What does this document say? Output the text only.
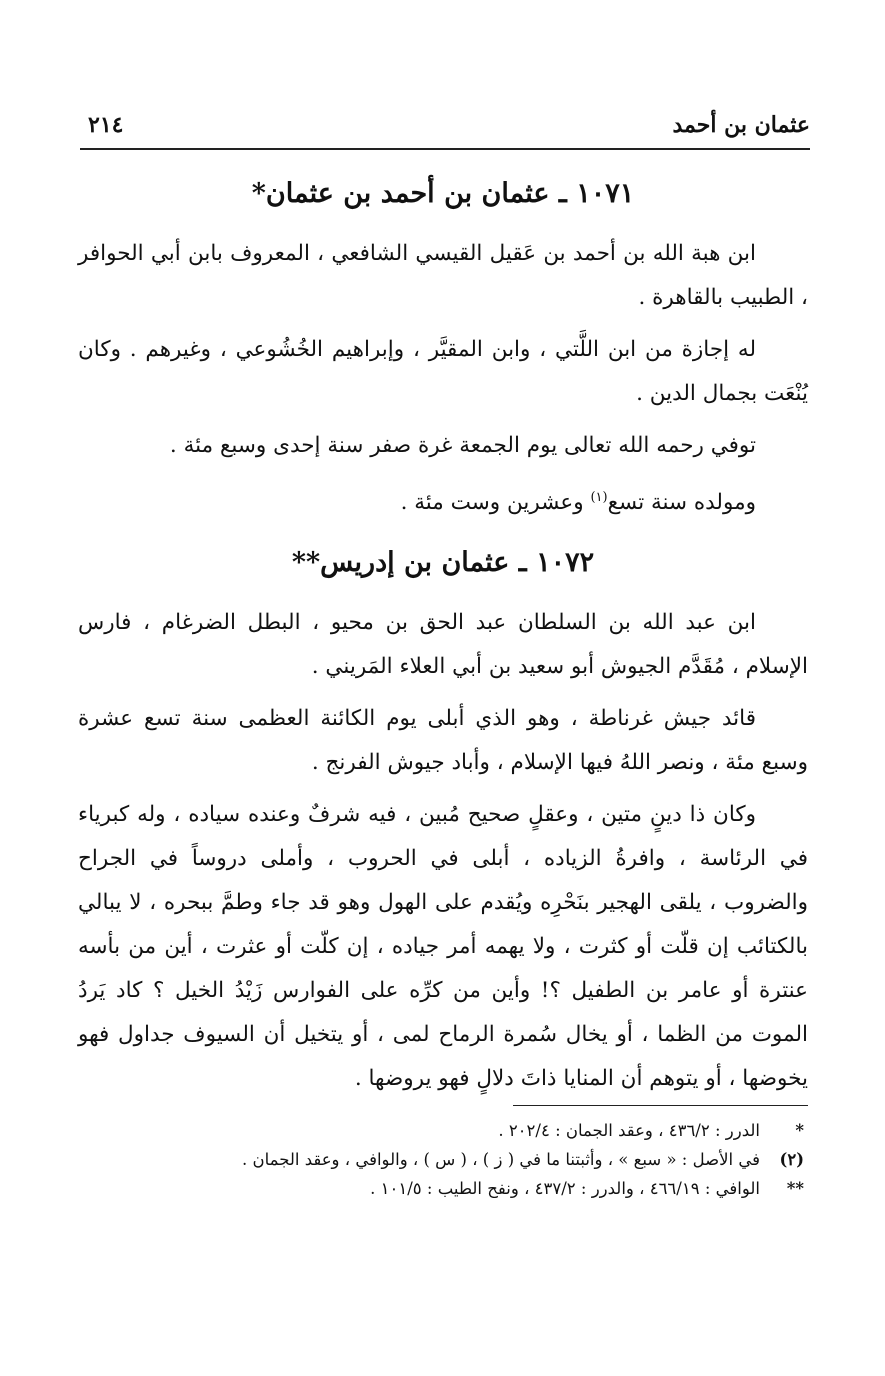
عثمان بن أحمد
٢١٤
١٠٧١ ـ عثمان بن أحمد بن عثمان*

ابن هبة الله بن أحمد بن عَقيل القيسي الشافعي ، المعروف بابن أبي الحوافر ، الطبيب بالقاهرة .

له إجازة من ابن اللَّتي ، وابن المقيَّر ، وإبراهيم الخُشُوعي ، وغيرهم . وكان يُنْعَت بجمال الدين .

توفي رحمه الله تعالى يوم الجمعة غرة صفر سنة إحدى وسبع مئة .

ومولده سنة تسع$^{(١)}$ وعشرين وست مئة .

١٠٧٢ ـ عثمان بن إدريس**

ابن عبد الله بن السلطان عبد الحق بن محيو ، البطل الضرغام ، فارس الإسلام ، مُقَدَّم الجيوش أبو سعيد بن أبي العلاء المَريني .

قائد جيش غرناطة ، وهو الذي أبلى يوم الكائنة العظمى سنة تسع عشرة وسبع مئة ، ونصر اللهُ فيها الإسلام ، وأباد جيوش الفرنج .

وكان ذا دينٍ متين ، وعقلٍ صحيح مُبين ، فيه شرفٌ وعنده سياده ، وله كبرياء في الرئاسة ، وافرةُ الزياده ، أبلى في الحروب ، وأملى دروساً في الجراح والضروب ، يلقى الهجير بنَحْرِه ويُقدم على الهول وهو قد جاء وطمَّ ببحره ، لا يبالي بالكتائب إن قلّت أو كثرت ، ولا يهمه أمر جياده ، إن كلّت أو عثرت ، أين من بأسه عنترة أو عامر بن الطفيل ؟! وأين من كرِّه على الفوارس زَيْدُ الخيل ؟ كاد يَردُ الموت من الظما ، أو يخال سُمرة الرماح لمى ، أو يتخيل أن السيوف جداول فهو يخوضها ، أو يتوهم أن المنايا ذاتَ دلالٍ فهو يروضها .

*
الدرر : ٤٣٦/٢ ، وعقد الجمان : ٢٠٢/٤ .
(٢)
في الأصل : « سبع » ، وأثبتنا ما في ( ز ) ، ( س ) ، والوافي ، وعقد الجمان .
**
الوافي : ٤٦٦/١٩ ، والدرر : ٤٣٧/٢ ، ونفح الطيب : ١٠١/٥ .
